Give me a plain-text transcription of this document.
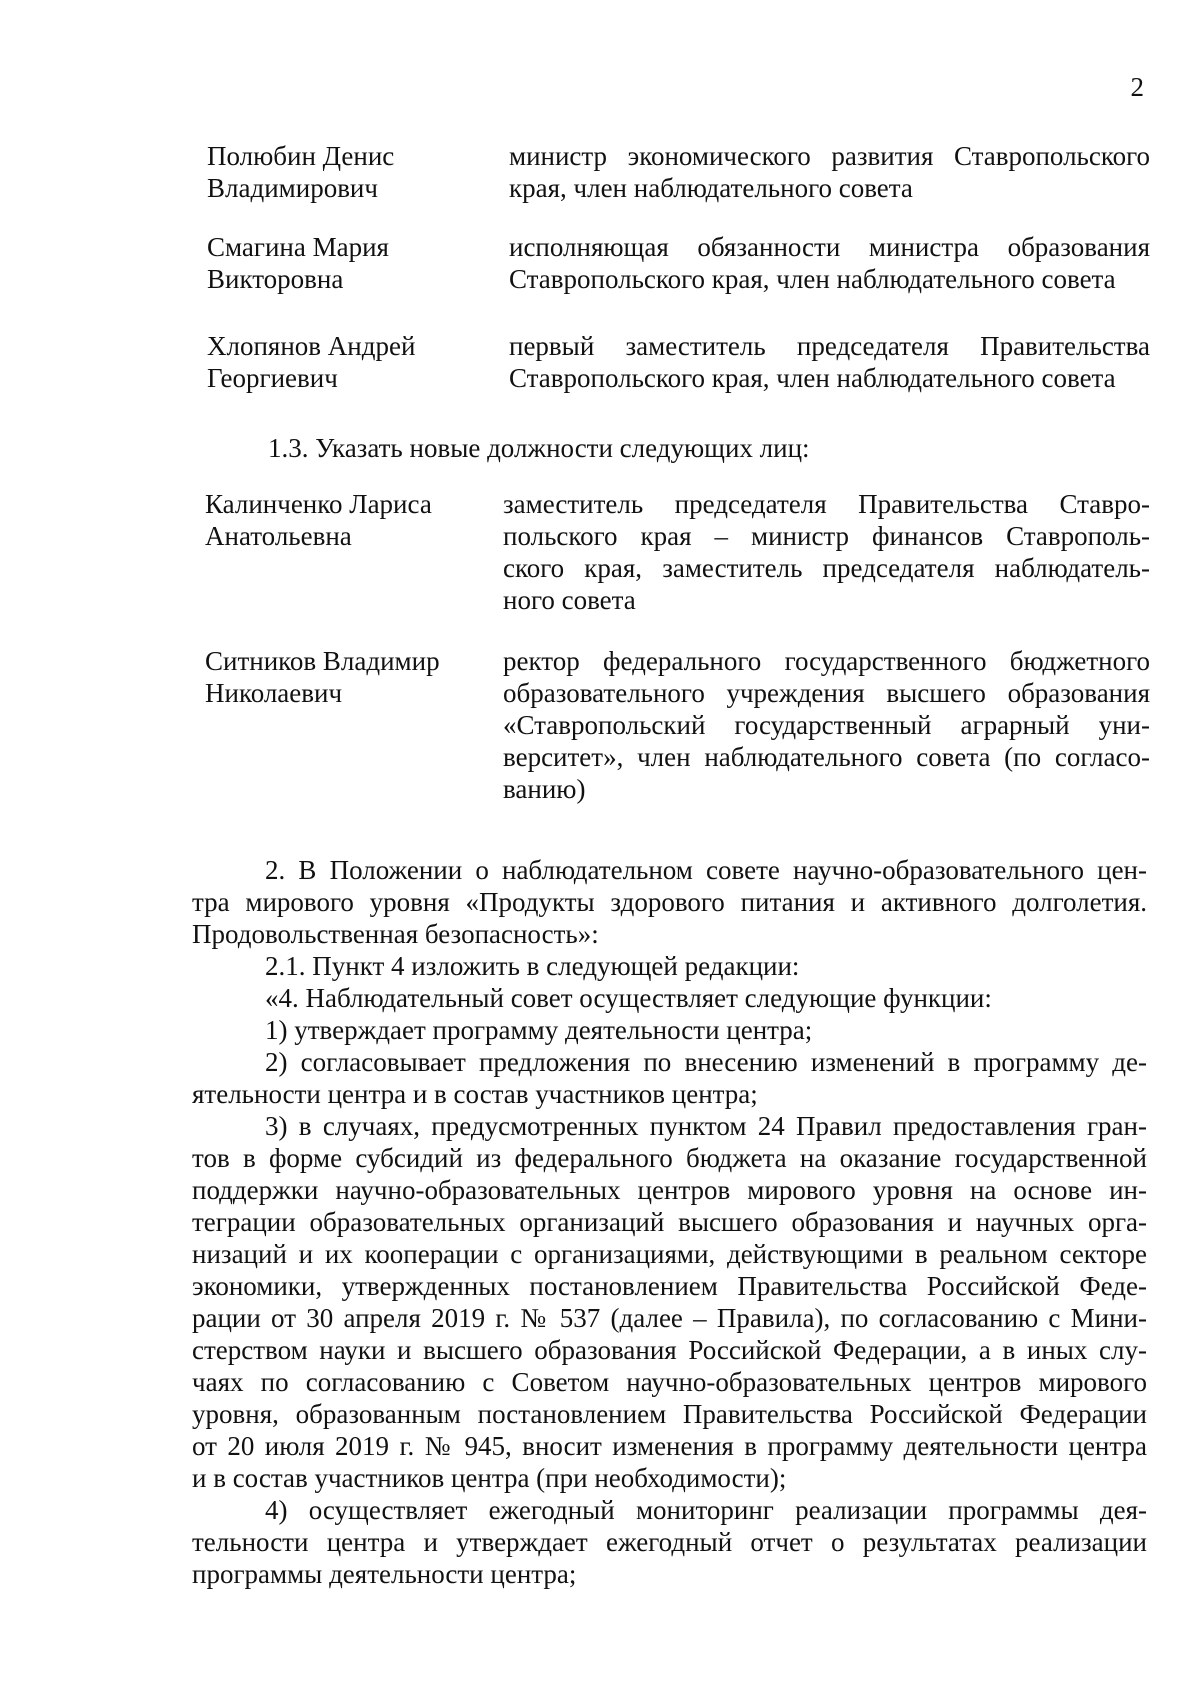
2
Полюбин Денис
Владимирович
министр экономического развития Ставропольского
края, член наблюдательного совета
Смагина Мария
Викторовна
исполняющая обязанности министра образования
Ставропольского края, член наблюдательного совета
Хлопянов Андрей
Георгиевич
первый заместитель председателя Правительства
Ставропольского края, член наблюдательного совета
1.3. Указать новые должности следующих лиц:
Калинченко Лариса
Анатольевна
заместитель председателя Правительства Ставро-
польского края – министр финансов Ставрополь-
ского края, заместитель председателя наблюдатель-
ного совета
Ситников Владимир
Николаевич
ректор федерального государственного бюджетного
образовательного учреждения высшего образования
«Ставропольский государственный аграрный уни-
верситет», член наблюдательного совета (по согласо-
ванию)
2. В Положении о наблюдательном совете научно-образовательного цен-
тра мирового уровня «Продукты здорового питания и активного долголетия.
Продовольственная безопасность»:
2.1. Пункт 4 изложить в следующей редакции:
«4. Наблюдательный совет осуществляет следующие функции:
1) утверждает программу деятельности центра;
2) согласовывает предложения по внесению изменений в программу де-
ятельности центра и в состав участников центра;
3) в случаях, предусмотренных пунктом 24 Правил предоставления гран-
тов в форме субсидий из федерального бюджета на оказание государственной
поддержки научно-образовательных центров мирового уровня на основе ин-
теграции образовательных организаций высшего образования и научных орга-
низаций и их кооперации с организациями, действующими в реальном секторе
экономики, утвержденных постановлением Правительства Российской Феде-
рации от 30 апреля 2019 г. № 537 (далее – Правила), по согласованию с Мини-
стерством науки и высшего образования Российской Федерации, а в иных слу-
чаях по согласованию с Советом научно-образовательных центров мирового
уровня, образованным постановлением Правительства Российской Федерации
от 20 июля 2019 г. № 945, вносит изменения в программу деятельности центра
и в состав участников центра (при необходимости);
4) осуществляет ежегодный мониторинг реализации программы дея-
тельности центра и утверждает ежегодный отчет о результатах реализации
программы деятельности центра;
